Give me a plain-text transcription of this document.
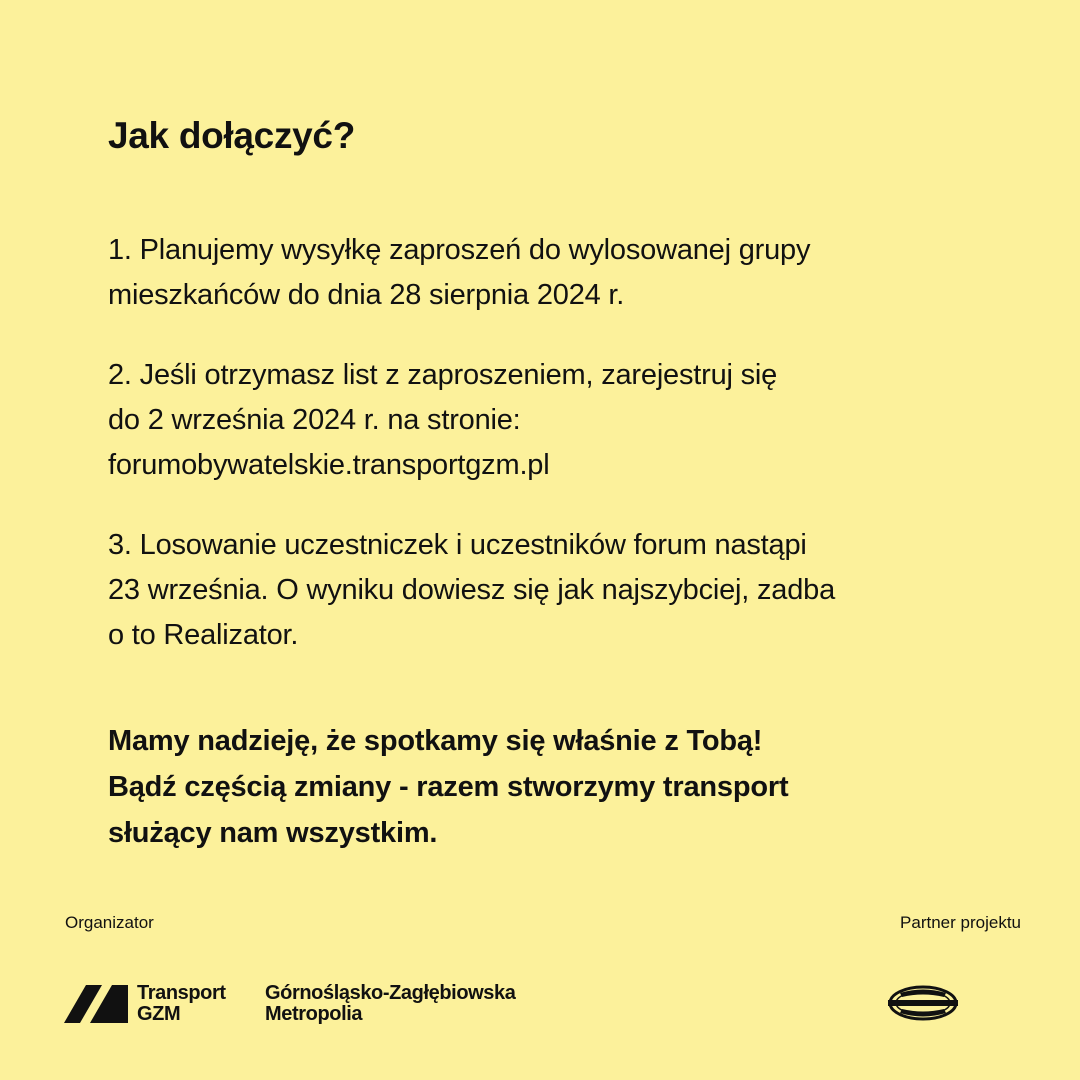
Jak dołączyć?

1. Planujemy wysyłkę zaproszeń do wylosowanej grupy
mieszkańców do dnia 28 sierpnia 2024 r.

2. Jeśli otrzymasz list z zaproszeniem, zarejestruj się
do 2 września 2024 r. na stronie:
forumobywatelskie.transportgzm.pl

3. Losowanie uczestniczek i uczestników forum nastąpi
23 września. O wyniku dowiesz się jak najszybciej, zadba
o to Realizator.

Mamy nadzieję, że spotkamy się właśnie z Tobą!
Bądź częścią zmiany - razem stworzymy transport
służący nam wszystkim.

Organizator	Partner projektu

Transport
GZM
Górnośląsko-Zagłębiowska
Metropolia
